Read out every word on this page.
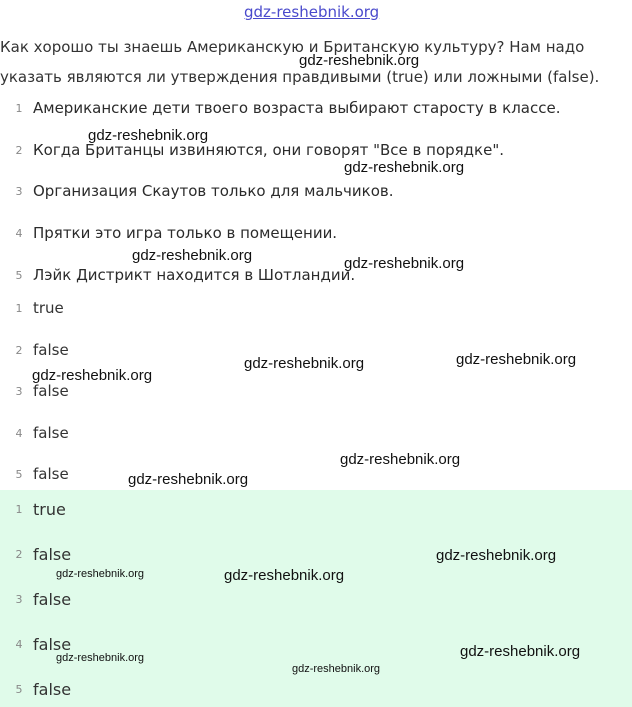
gdz-reshebnik.org
Как хорошо ты знаешь Американскую и Британскую культуру? Нам надо указать являются ли утверждения правдивыми (true) или ложными (false).
1 Американские дети твоего возраста выбирают старосту в классе.
2 Когда Британцы извиняются, они говорят "Все в порядке".
3 Организация Скаутов только для мальчиков.
4 Прятки это игра только в помещении.
5 Лэйк Дистрикт находится в Шотландии.
1 true
2 false
3 false
4 false
5 false
1 true
2 false
3 false
4 false
5 false
gdz-reshebnik.org
gdz-reshebnik.org
gdz-reshebnik.org
gdz-reshebnik.org	gdz-reshebnik.org
gdz-reshebnik.org	gdz-reshebnik.org
gdz-reshebnik.org
gdz-reshebnik.org
gdz-reshebnik.org
gdz-reshebnik.org
gdz-reshebnik.org	gdz-reshebnik.org
gdz-reshebnik.org
gdz-reshebnik.org
gdz-reshebnik.org
